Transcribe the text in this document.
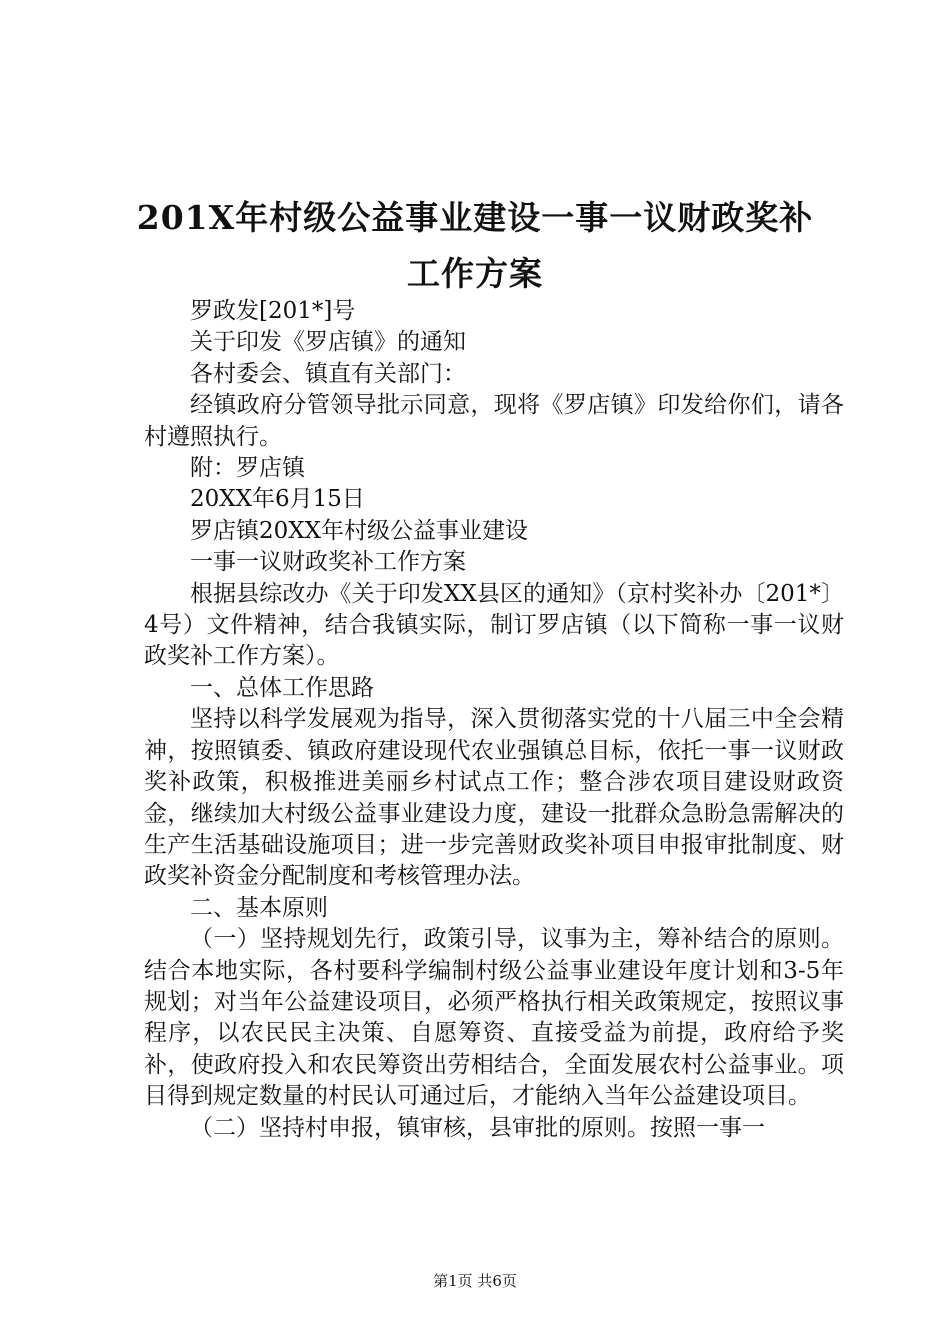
201X年村级公益事业建设一事一议财政奖补
工作方案

罗政发[201*]号

关于印发《罗店镇》的通知

各村委会、镇直有关部门：

经镇政府分管领导批示同意，现将《罗店镇》印发给你们，请各村遵照执行。

附：罗店镇

20XX年6月15日

罗店镇20XX年村级公益事业建设

一事一议财政奖补工作方案

根据县综改办《关于印发XX县区的通知》（京村奖补办〔201*〕4号）文件精神，结合我镇实际，制订罗店镇（以下简称一事一议财政奖补工作方案）。

一、总体工作思路

坚持以科学发展观为指导，深入贯彻落实党的十八届三中全会精神，按照镇委、镇政府建设现代农业强镇总目标，依托一事一议财政奖补政策，积极推进美丽乡村试点工作；整合涉农项目建设财政资金，继续加大村级公益事业建设力度，建设一批群众急盼急需解决的生产生活基础设施项目；进一步完善财政奖补项目申报审批制度、财政奖补资金分配制度和考核管理办法。

二、基本原则

（一）坚持规划先行，政策引导，议事为主，筹补结合的原则。结合本地实际，各村要科学编制村级公益事业建设年度计划和3-5年规划；对当年公益建设项目，必须严格执行相关政策规定，按照议事程序，以农民民主决策、自愿筹资、直接受益为前提，政府给予奖补，使政府投入和农民筹资出劳相结合，全面发展农村公益事业。项目得到规定数量的村民认可通过后，才能纳入当年公益建设项目。

（二）坚持村申报，镇审核，县审批的原则。按照一事一

第1页 共6页
